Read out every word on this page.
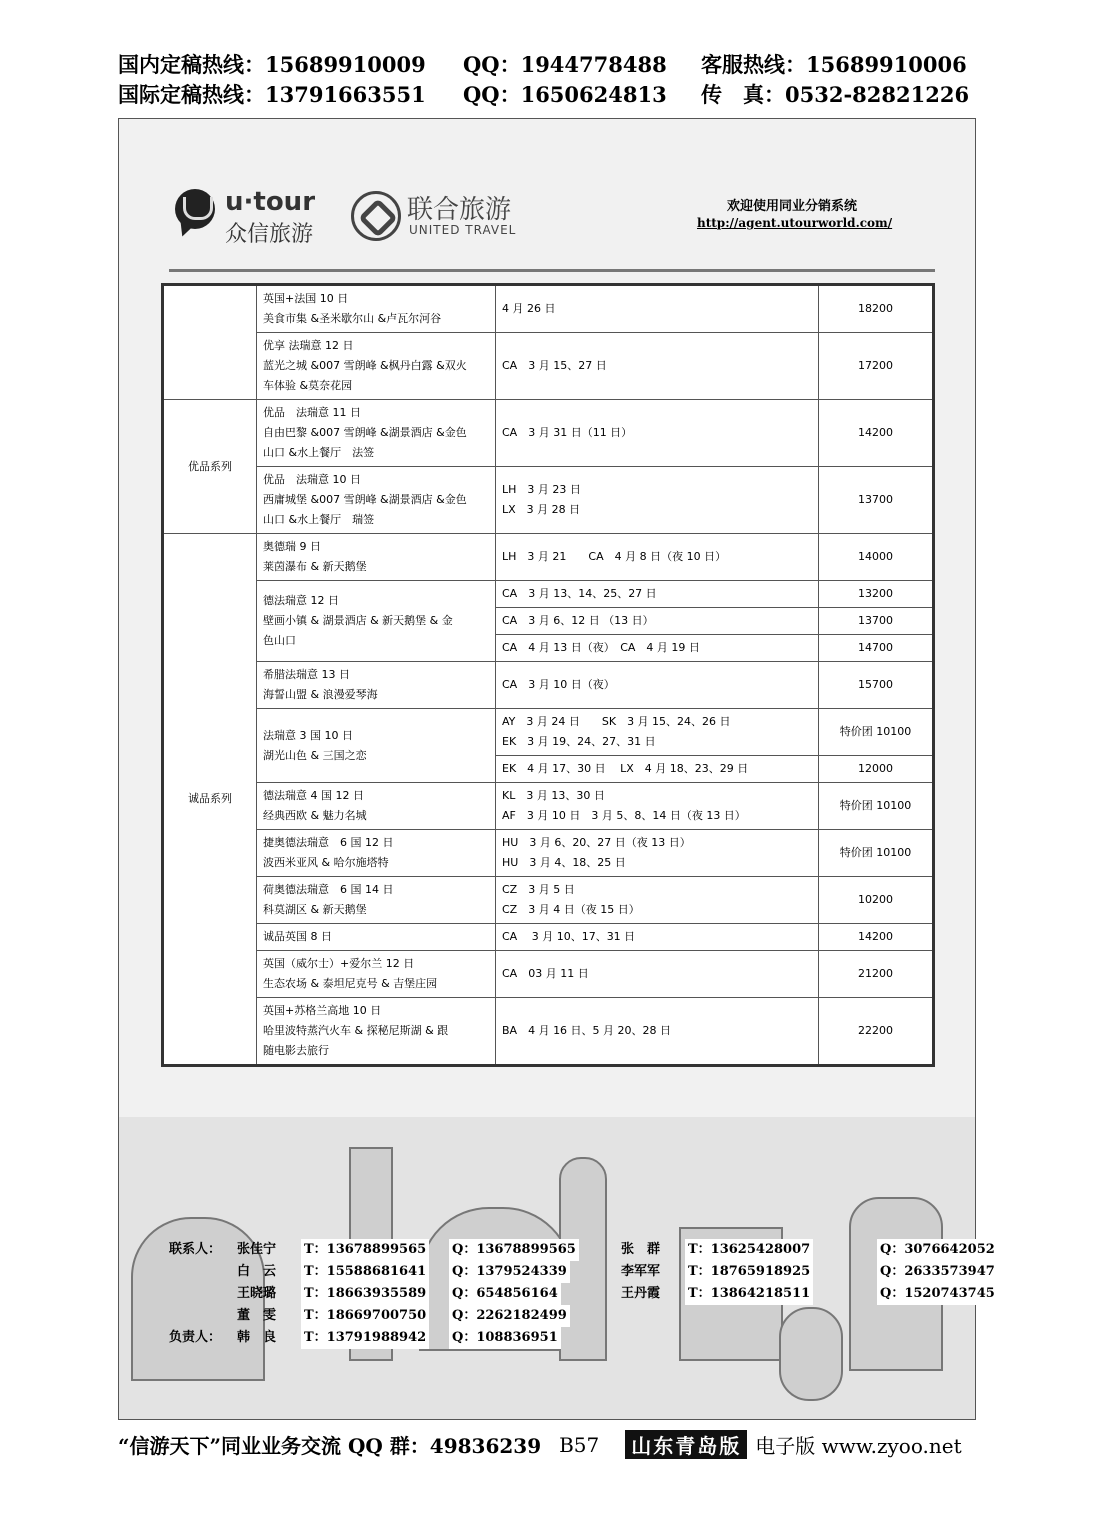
国内定稿热线：15689910009	QQ：1944778488	客服热线：15689910006
国际定稿热线：13791663551	QQ：1650624813	传　真：0532-82821226
u·tour
众信旅游
联合旅游
UNITED TRAVEL
欢迎使用同业分销系统
http://agent.utourworld.com/
	英国+法国 10 日
美食市集 &圣米歇尔山 &卢瓦尔河谷	4 月 26 日	18200
	优享 法瑞意 12 日
蓝光之城 &007 雪朗峰 &枫丹白露 &双火
车体验 &莫奈花园	CA　3 月 15、27 日	17200
优品系列	优品　法瑞意 11 日
自由巴黎 &007 雪朗峰 &湖景酒店 &金色
山口 &水上餐厅　法签	CA　3 月 31 日（11 日）	14200
	优品　法瑞意 10 日
西庸城堡 &007 雪朗峰 &湖景酒店 &金色
山口 &水上餐厅　瑞签	LH　3 月 23 日
LX　3 月 28 日	13700
诚品系列	奥德瑞 9 日
莱茵瀑布 & 新天鹅堡	LH　3 月 21　　CA　4 月 8 日（夜 10 日）	14000
	德法瑞意 12 日
壁画小镇 & 湖景酒店 & 新天鹅堡 & 金
色山口	CA　3 月 13、14、25、27 日	13200
		CA　3 月 6、12 日 （13 日）	13700
		CA　4 月 13 日（夜）　CA　4 月 19 日	14700
	希腊法瑞意 13 日
海誓山盟 & 浪漫爱琴海	CA　3 月 10 日（夜）	15700
	法瑞意 3 国 10 日
湖光山色 & 三国之恋	AY　3 月 24 日　　SK　3 月 15、24、26 日
EK　3 月 19、24、27、31 日	特价团 10100
		EK　4 月 17、30 日　 LX　4 月 18、23、29 日	12000
	德法瑞意 4 国 12 日
经典西欧 & 魅力名城	KL　3 月 13、30 日
AF　3 月 10 日　3 月 5、8、14 日（夜 13 日）	特价团 10100
	捷奥德法瑞意　6 国 12 日
波西米亚风 & 哈尔施塔特	HU　3 月 6、20、27 日（夜 13 日）
HU　3 月 4、18、25 日	特价团 10100
	荷奥德法瑞意　6 国 14 日
科莫湖区 & 新天鹅堡	CZ　3 月 5 日
CZ　3 月 4 日（夜 15 日）	10200
	诚品英国 8 日	CA　 3 月 10、17、31 日	14200
	英国（威尔士）+爱尔兰 12 日
生态农场 & 泰坦尼克号 & 吉堡庄园	CA　03 月 11 日	21200
	英国+苏格兰高地 10 日
哈里波特蒸汽火车 & 探秘尼斯湖 & 跟
随电影去旅行	BA　4 月 16 日、5 月 20、28 日	22200
联系人：
负责人：
张佳宁 T：13678899565 Q：13678899565
白　云 T：15588681641 Q：1379524339
王晓璐 T：18663935589 Q：654856164
董　雯 T：18669700750 Q：2262182499
韩　良 T：13791988942 Q：108836951
张　群 T：13625428007	Q：3076642052
李军军 T：18765918925	Q：2633573947
王丹霞 T：13864218511	Q：1520743745
“信游天下”同业业务交流 QQ 群：49836239 B57	山东青岛版 电子版 www.zyoo.net
